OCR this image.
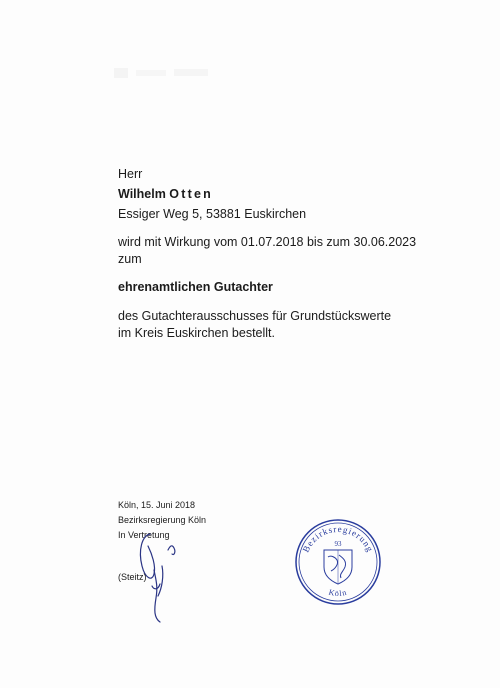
Herr
Wilhelm Otten
Essiger Weg 5, 53881 Euskirchen
wird mit Wirkung vom 01.07.2018 bis zum 30.06.2023
zum
ehrenamtlichen Gutachter
des Gutachterausschusses für Grundstückswerte
im Kreis Euskirchen bestellt.
Köln, 15. Juni 2018
Bezirksregierung Köln
In Vertretung
(Steitz)
Bezirksregierung
93
Köln
